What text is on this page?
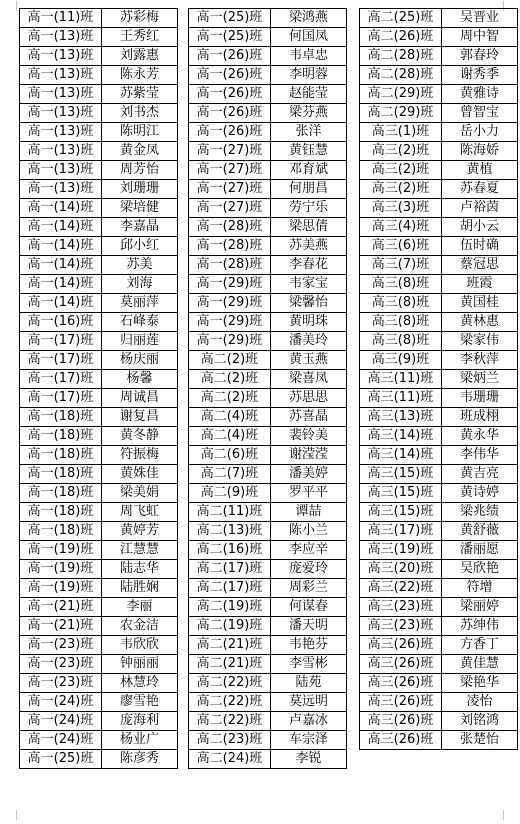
高一(11)班	苏彩梅
高一(13)班	王秀红
高一(13)班	刘露惠
高一(13)班	陈永芳
高一(13)班	苏紫莹
高一(13)班	刘书杰
高一(13)班	陈明江
高一(13)班	黄金凤
高一(13)班	周芳怡
高一(13)班	刘珊珊
高一(14)班	梁培健
高一(14)班	李嘉晶
高一(14)班	邱小红
高一(14)班	苏美
高一(14)班	刘海
高一(14)班	莫丽萍
高一(16)班	石峰泰
高一(17)班	归丽莲
高一(17)班	杨庆丽
高一(17)班	杨馨
高一(17)班	周诚昌
高一(18)班	谢复昌
高一(18)班	黄冬静
高一(18)班	符振梅
高一(18)班	黄姝佳
高一(18)班	梁美娟
高一(18)班	周飞虹
高一(18)班	黄婷芳
高一(19)班	江慧慧
高一(19)班	陆志华
高一(19)班	陆胜娴
高一(21)班	李丽
高一(21)班	农金洁
高一(23)班	韦欣欣
高一(23)班	钟丽丽
高一(23)班	林慧玲
高一(24)班	廖雪艳
高一(24)班	庞海利
高一(24)班	杨业广
高一(25)班	陈彦秀
高一(25)班	梁鸿燕
高一(25)班	何国凤
高一(26)班	韦卓忠
高一(26)班	李明蓉
高一(26)班	赵能莹
高一(26)班	梁芬燕
高一(26)班	张洋
高一(27)班	黄钰慧
高一(27)班	邓育斌
高一(27)班	何朋昌
高一(27)班	劳宁乐
高一(28)班	梁思倩
高一(28)班	苏美燕
高一(28)班	李春花
高一(29)班	韦家宝
高一(29)班	梁馨怡
高一(29)班	黄明珠
高一(29)班	潘美玲
高二(2)班	黄玉燕
高二(2)班	梁喜凤
高二(2)班	苏思思
高二(4)班	苏喜晶
高二(4)班	裴铃美
高二(6)班	谢滢滢
高二(7)班	潘美婷
高二(9)班	罗平平
高二(11)班	谭喆
高二(13)班	陈小兰
高二(16)班	李应辛
高二(17)班	庞爱玲
高二(17)班	周彩兰
高二(19)班	何谋春
高二(19)班	潘天明
高二(21)班	韦艳芬
高二(21)班	李雪彬
高二(22)班	陆苑
高二(22)班	莫远明
高二(22)班	卢嘉冰
高二(23)班	车宗泽
高二(24)班	李锐
高二(25)班	吴晋业
高二(26)班	周中智
高二(28)班	郭春玲
高二(28)班	谢秀季
高二(29)班	黄雅诗
高二(29)班	曾智宝
高三(1)班	岳小力
高三(2)班	陈海娇
高三(2)班	黄植
高三(2)班	苏春夏
高三(3)班	卢裕茵
高三(4)班	胡小云
高三(6)班	伍时确
高三(7)班	蔡冠思
高三(8)班	班霞
高三(8)班	黄国桂
高三(8)班	黄林惠
高三(8)班	梁家伟
高三(9)班	李秋萍
高三(11)班	梁炳兰
高三(11)班	韦珊珊
高三(13)班	班成栩
高三(14)班	黄永华
高三(14)班	李伟华
高三(15)班	黄吉亮
高三(15)班	黄诗婷
高三(15)班	梁兆绩
高三(17)班	黄舒薇
高三(19)班	潘丽愿
高三(20)班	吴欣艳
高三(22)班	符增
高三(23)班	梁丽婷
高三(23)班	苏绅伟
高三(26)班	方香丁
高三(26)班	黄佳慧
高三(26)班	梁艳华
高三(26)班	凌怡
高三(26)班	刘铭鸿
高三(26)班	张楚怡
